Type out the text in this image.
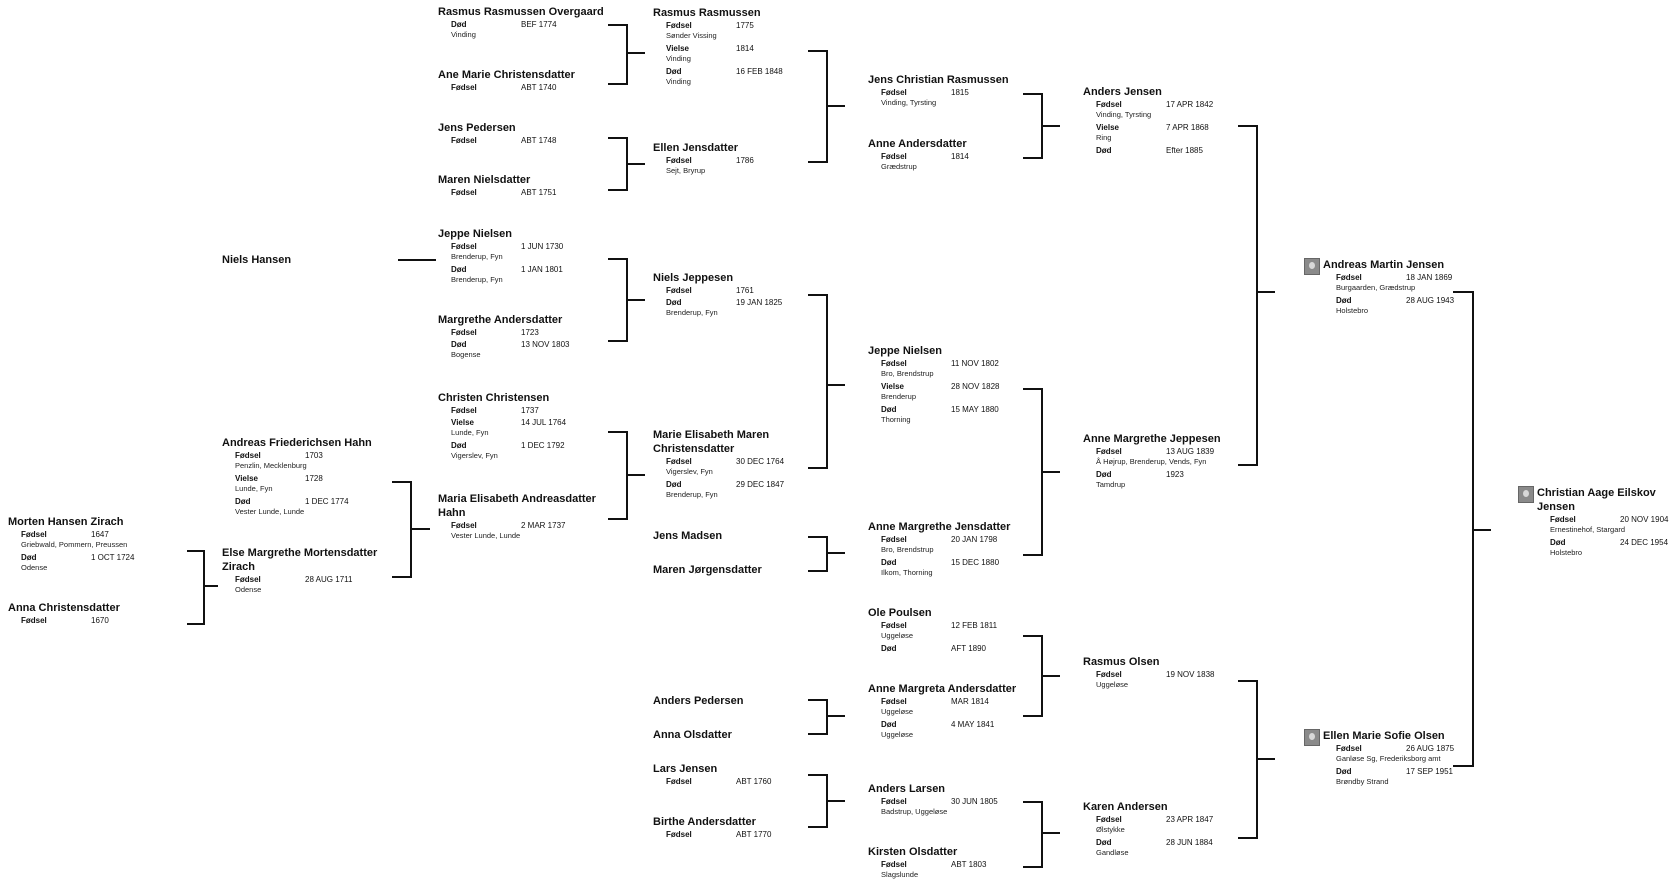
Rasmus Rasmussen Overgaard
Død	BEF 1774
Vinding
Ane Marie Christensdatter
Fødsel	ABT 1740
Jens Pedersen
Fødsel	ABT 1748
Maren Nielsdatter
Fødsel	ABT 1751
Jeppe Nielsen
Fødsel	1 JUN 1730
Brenderup, Fyn
Død	1 JAN 1801
Brenderup, Fyn
Margrethe Andersdatter
Fødsel	1723
Død	13 NOV 1803
Bogense
Christen Christensen
Fødsel	1737
Vielse	14 JUL 1764
Lunde, Fyn
Død	1 DEC 1792
Vigerslev, Fyn
Maria Elisabeth Andreasdatter Hahn
Fødsel	2 MAR 1737
Vester Lunde, Lunde
Niels Hansen
Andreas Friederichsen Hahn
Fødsel	1703
Penzlin, Mecklenburg
Vielse	1728
Lunde, Fyn
Død	1 DEC 1774
Vester Lunde, Lunde
Else Margrethe Mortensdatter Zirach
Fødsel	28 AUG 1711
Odense
Morten Hansen Zirach
Fødsel	1647
Griebwald, Pommern, Preussen
Død	1 OCT 1724
Odense
Anna Christensdatter
Fødsel	1670
Rasmus Rasmussen
Fødsel	1775
Sønder Vissing
Vielse	1814
Vinding
Død	16 FEB 1848
Vinding
Ellen Jensdatter
Fødsel	1786
Sejt, Bryrup
Niels Jeppesen
Fødsel	1761
Død	19 JAN 1825
Brenderup, Fyn
Marie Elisabeth Maren Christensdatter
Fødsel	30 DEC 1764
Vigerslev, Fyn
Død	29 DEC 1847
Brenderup, Fyn
Jens Madsen
Maren Jørgensdatter
Anders Pedersen
Anna Olsdatter
Lars Jensen
Fødsel	ABT 1760
Birthe Andersdatter
Fødsel	ABT 1770
Jens Christian Rasmussen
Fødsel	1815
Vinding, Tyrsting
Anne Andersdatter
Fødsel	1814
Grædstrup
Jeppe Nielsen
Fødsel	11 NOV 1802
Bro, Brendstrup
Vielse	28 NOV 1828
Brenderup
Død	15 MAY 1880
Thorning
Anne Margrethe Jensdatter
Fødsel	20 JAN 1798
Bro, Brendstrup
Død	15 DEC 1880
Ilkom, Thorning
Ole Poulsen
Fødsel	12 FEB 1811
Uggeløse
Død	AFT 1890
Anne Margreta Andersdatter
Fødsel	MAR 1814
Uggeløse
Død	4 MAY 1841
Uggeløse
Anders Larsen
Fødsel	30 JUN 1805
Badstrup, Uggeløse
Kirsten Olsdatter
Fødsel	ABT 1803
Slagslunde
Anders Jensen
Fødsel	17 APR 1842
Vinding, Tyrsting
Vielse	7 APR 1868
Ring
Død	Efter 1885
Anne Margrethe Jeppesen
Fødsel	13 AUG 1839
Å Højrup, Brenderup, Vends, Fyn
Død	1923
Tamdrup
Rasmus Olsen
Fødsel	19 NOV 1838
Uggeløse
Karen Andersen
Fødsel	23 APR 1847
Ølstykke
Død	28 JUN 1884
Gandløse
Andreas Martin Jensen
Fødsel	18 JAN 1869
Burgaarden, Grædstrup
Død	28 AUG 1943
Holstebro
Ellen Marie Sofie Olsen
Fødsel	26 AUG 1875
Ganløse Sg, Frederiksborg amt
Død	17 SEP 1951
Brøndby Strand
Christian Aage Eilskov Jensen
Fødsel	20 NOV 1904
Ernestinehof, Stargard
Død	24 DEC 1954
Holstebro
